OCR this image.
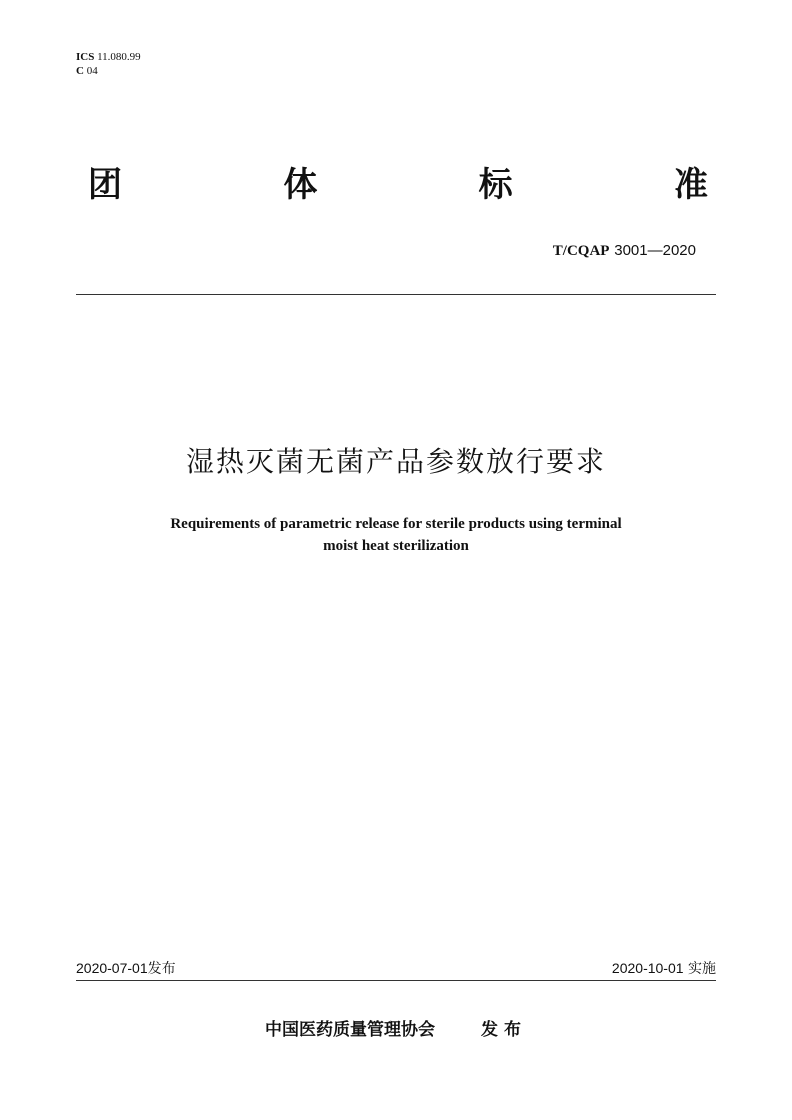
ICS 11.080.99
C 04
团	体	标	准
T/CQAP 3001—2020
湿热灭菌无菌产品参数放行要求
Requirements of parametric release for sterile products using terminal
moist heat sterilization
2020-07-01发布	2020-10-01 实施
中国医药质量管理协会	发布
